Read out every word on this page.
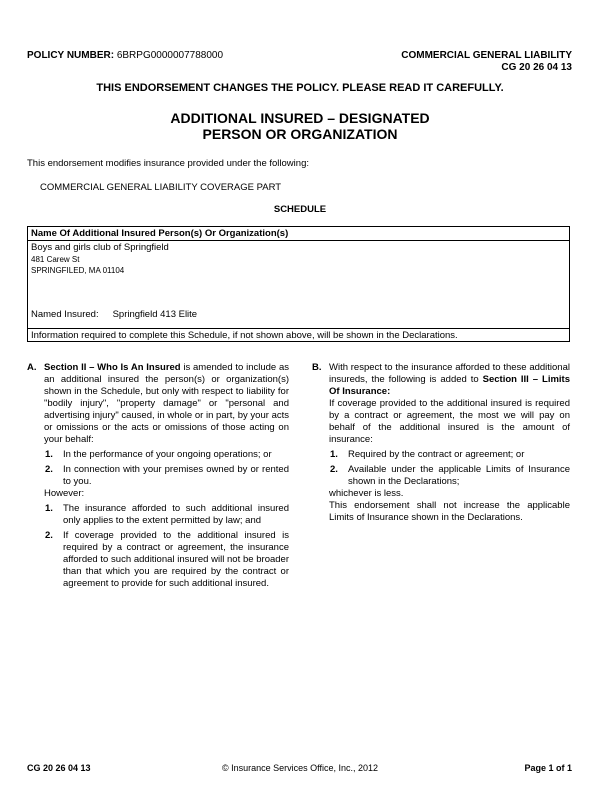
POLICY NUMBER: 6BRPG0000007788000	COMMERCIAL GENERAL LIABILITY
CG 20 26 04 13
THIS ENDORSEMENT CHANGES THE POLICY. PLEASE READ IT CAREFULLY.
ADDITIONAL INSURED – DESIGNATED
PERSON OR ORGANIZATION
This endorsement modifies insurance provided under the following:
COMMERCIAL GENERAL LIABILITY COVERAGE PART
SCHEDULE
Name Of Additional Insured Person(s) Or Organization(s)
Boys and girls club of Springfield
481 Carew St
SPRINGFILED, MA 01104
Named Insured: Springfield 413 Elite
Information required to complete this Schedule, if not shown above, will be shown in the Declarations.
A. Section II – Who Is An Insured is amended to include as an additional insured the person(s) or organization(s) shown in the Schedule, but only with respect to liability for "bodily injury", "property damage" or "personal and advertising injury" caused, in whole or in part, by your acts or omissions or the acts or omissions of those acting on your behalf:

1. In the performance of your ongoing operations; or
2. In connection with your premises owned by or rented to you.

However:

1. The insurance afforded to such additional insured only applies to the extent permitted by law; and
2. If coverage provided to the additional insured is required by a contract or agreement, the insurance afforded to such additional insured will not be broader than that which you are required by the contract or agreement to provide for such additional insured.
B. With respect to the insurance afforded to these additional insureds, the following is added to Section III – Limits Of Insurance:

If coverage provided to the additional insured is required by a contract or agreement, the most we will pay on behalf of the additional insured is the amount of insurance:

1. Required by the contract or agreement; or
2. Available under the applicable Limits of Insurance shown in the Declarations;

whichever is less.

This endorsement shall not increase the applicable Limits of Insurance shown in the Declarations.

© Insurance Services Office, Inc., 2012
CG 20 26 04 13	Page 1 of 1
